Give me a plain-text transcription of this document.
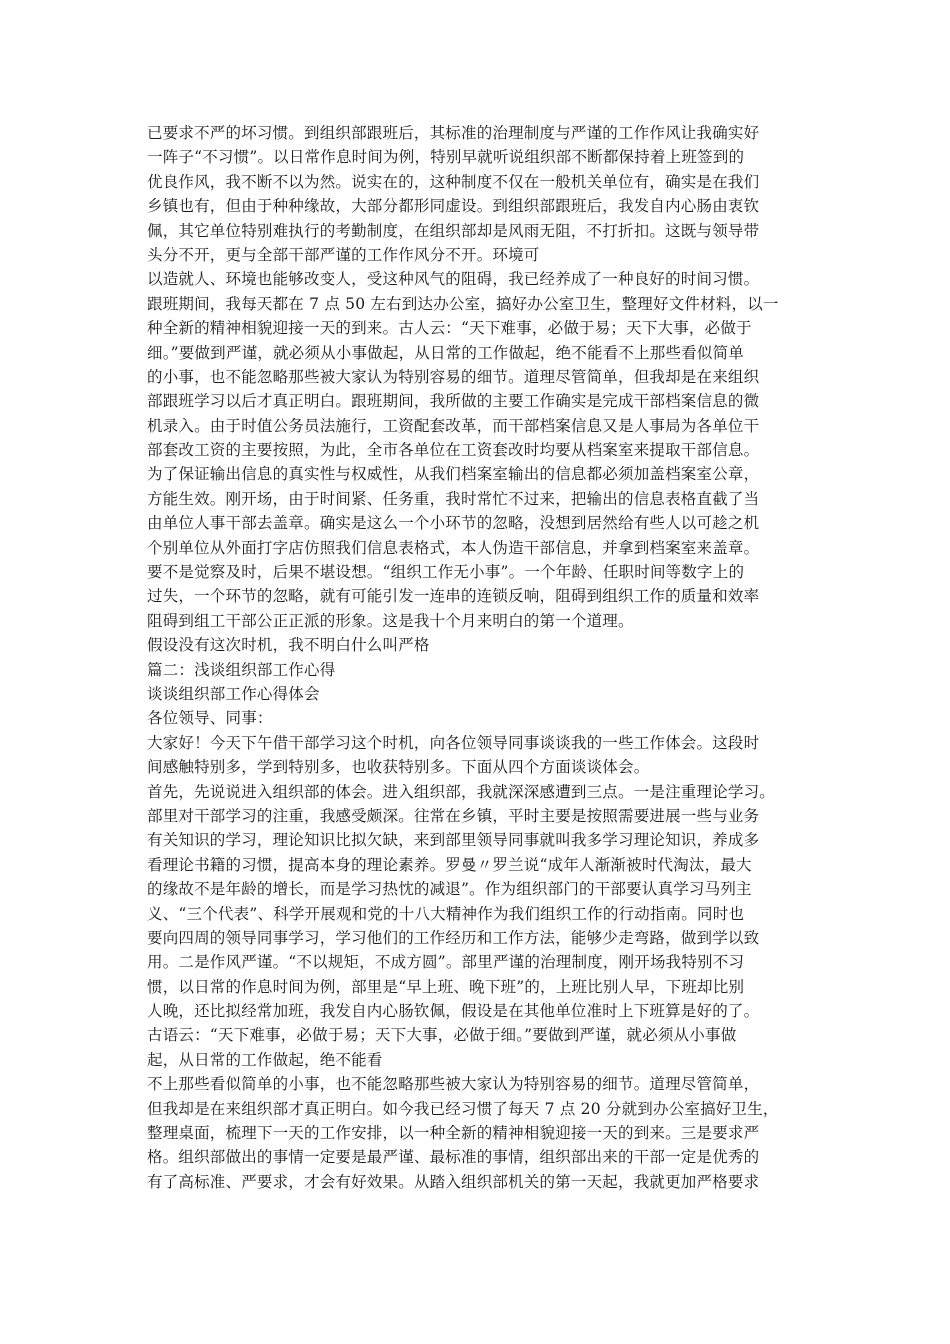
已要求不严的坏习惯。到组织部跟班后，其标准的治理制度与严谨的工作作风让我确实好
一阵子“不习惯”。以日常作息时间为例，特别早就听说组织部不断都保持着上班签到的
优良作风，我不断不以为然。说实在的，这种制度不仅在一般机关单位有，确实是在我们
乡镇也有，但由于种种缘故，大部分都形同虚设。到组织部跟班后，我发自内心肠由衷钦
佩，其它单位特别难执行的考勤制度，在组织部却是风雨无阻，不打折扣。这既与领导带
头分不开，更与全部干部严谨的工作作风分不开。环境可
以造就人、环境也能够改变人，受这种风气的阻碍，我已经养成了一种良好的时间习惯。
跟班期间，我每天都在 7 点 50 左右到达办公室，搞好办公室卫生，整理好文件材料，以一
种全新的精神相貌迎接一天的到来。古人云：“天下难事，必做于易；天下大事，必做于
细。”要做到严谨，就必须从小事做起，从日常的工作做起，绝不能看不上那些看似简单
的小事，也不能忽略那些被大家认为特别容易的细节。道理尽管简单，但我却是在来组织
部跟班学习以后才真正明白。跟班期间，我所做的主要工作确实是完成干部档案信息的微
机录入。由于时值公务员法施行，工资配套改革，而干部档案信息又是人事局为各单位干
部套改工资的主要按照，为此，全市各单位在工资套改时均要从档案室来提取干部信息。
为了保证输出信息的真实性与权威性，从我们档案室输出的信息都必须加盖档案室公章，
方能生效。刚开场，由于时间紧、任务重，我时常忙不过来，把输出的信息表格直截了当
由单位人事干部去盖章。确实是这么一个小环节的忽略，没想到居然给有些人以可趁之机
个别单位从外面打字店仿照我们信息表格式，本人伪造干部信息，并拿到档案室来盖章。
要不是觉察及时，后果不堪设想。“组织工作无小事”。一个年龄、任职时间等数字上的
过失，一个环节的忽略，就有可能引发一连串的连锁反响，阻碍到组织工作的质量和效率
阻碍到组工干部公正正派的形象。这是我十个月来明白的第一个道理。
假设没有这次时机，我不明白什么叫严格
篇二：浅谈组织部工作心得
谈谈组织部工作心得体会
各位领导、同事：
大家好！今天下午借干部学习这个时机，向各位领导同事谈谈我的一些工作体会。这段时
间感触特别多，学到特别多，也收获特别多。下面从四个方面谈谈体会。
首先，先说说进入组织部的体会。进入组织部，我就深深感遭到三点。一是注重理论学习。
部里对干部学习的注重，我感受颇深。往常在乡镇，平时主要是按照需要进展一些与业务
有关知识的学习，理论知识比拟欠缺，来到部里领导同事就叫我多学习理论知识，养成多
看理论书籍的习惯，提高本身的理论素养。罗曼〃罗兰说“成年人渐渐被时代淘汰，最大
的缘故不是年龄的增长，而是学习热忱的减退”。作为组织部门的干部要认真学习马列主
义、“三个代表”、科学开展观和党的十八大精神作为我们组织工作的行动指南。同时也
要向四周的领导同事学习，学习他们的工作经历和工作方法，能够少走弯路，做到学以致
用。二是作风严谨。“不以规矩，不成方圆”。部里严谨的治理制度，刚开场我特别不习
惯，以日常的作息时间为例，部里是“早上班、晚下班”的，上班比别人早，下班却比别
人晚，还比拟经常加班，我发自内心肠钦佩，假设是在其他单位准时上下班算是好的了。
古语云：“天下难事，必做于易；天下大事，必做于细。”要做到严谨，就必须从小事做
起，从日常的工作做起，绝不能看
不上那些看似简单的小事，也不能忽略那些被大家认为特别容易的细节。道理尽管简单，
但我却是在来组织部才真正明白。如今我已经习惯了每天 7 点 20 分就到办公室搞好卫生，
整理桌面，梳理下一天的工作安排，以一种全新的精神相貌迎接一天的到来。三是要求严
格。组织部做出的事情一定要是最严谨、最标准的事情，组织部出来的干部一定是优秀的
有了高标准、严要求，才会有好效果。从踏入组织部机关的第一天起，我就更加严格要求
